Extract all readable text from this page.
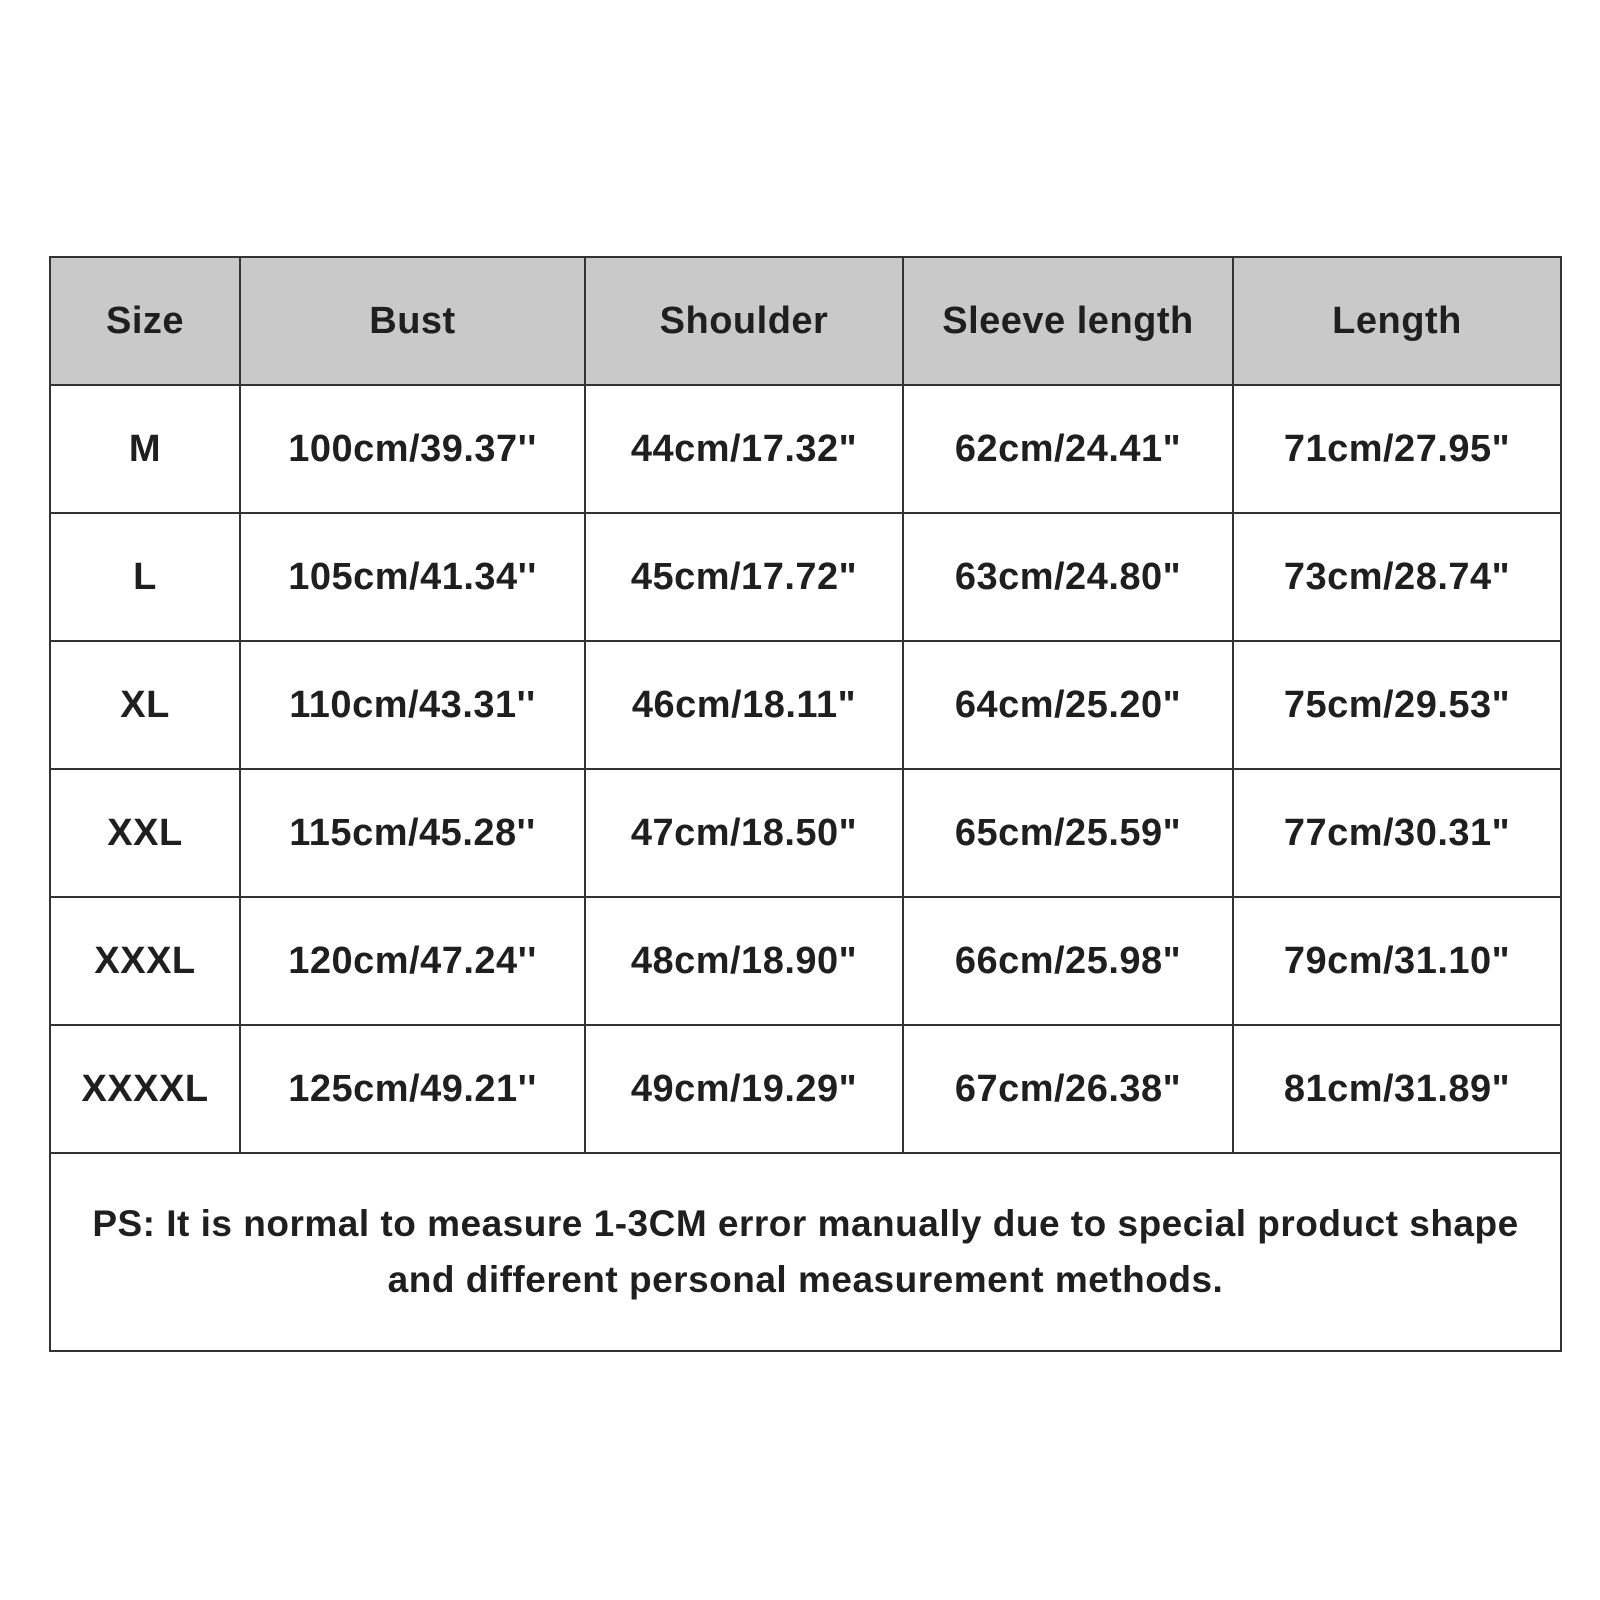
Size	Bust	Shoulder	Sleeve length	Length
M	100cm/39.37''	44cm/17.32"	62cm/24.41"	71cm/27.95"
L	105cm/41.34''	45cm/17.72"	63cm/24.80"	73cm/28.74"
XL	110cm/43.31''	46cm/18.11"	64cm/25.20"	75cm/29.53"
XXL	115cm/45.28''	47cm/18.50"	65cm/25.59"	77cm/30.31"
XXXL	120cm/47.24''	48cm/18.90"	66cm/25.98"	79cm/31.10"
XXXXL	125cm/49.21''	49cm/19.29"	67cm/26.38"	81cm/31.89"

PS: It is normal to measure 1-3CM error manually due to special product shape
and different personal measurement methods.				
